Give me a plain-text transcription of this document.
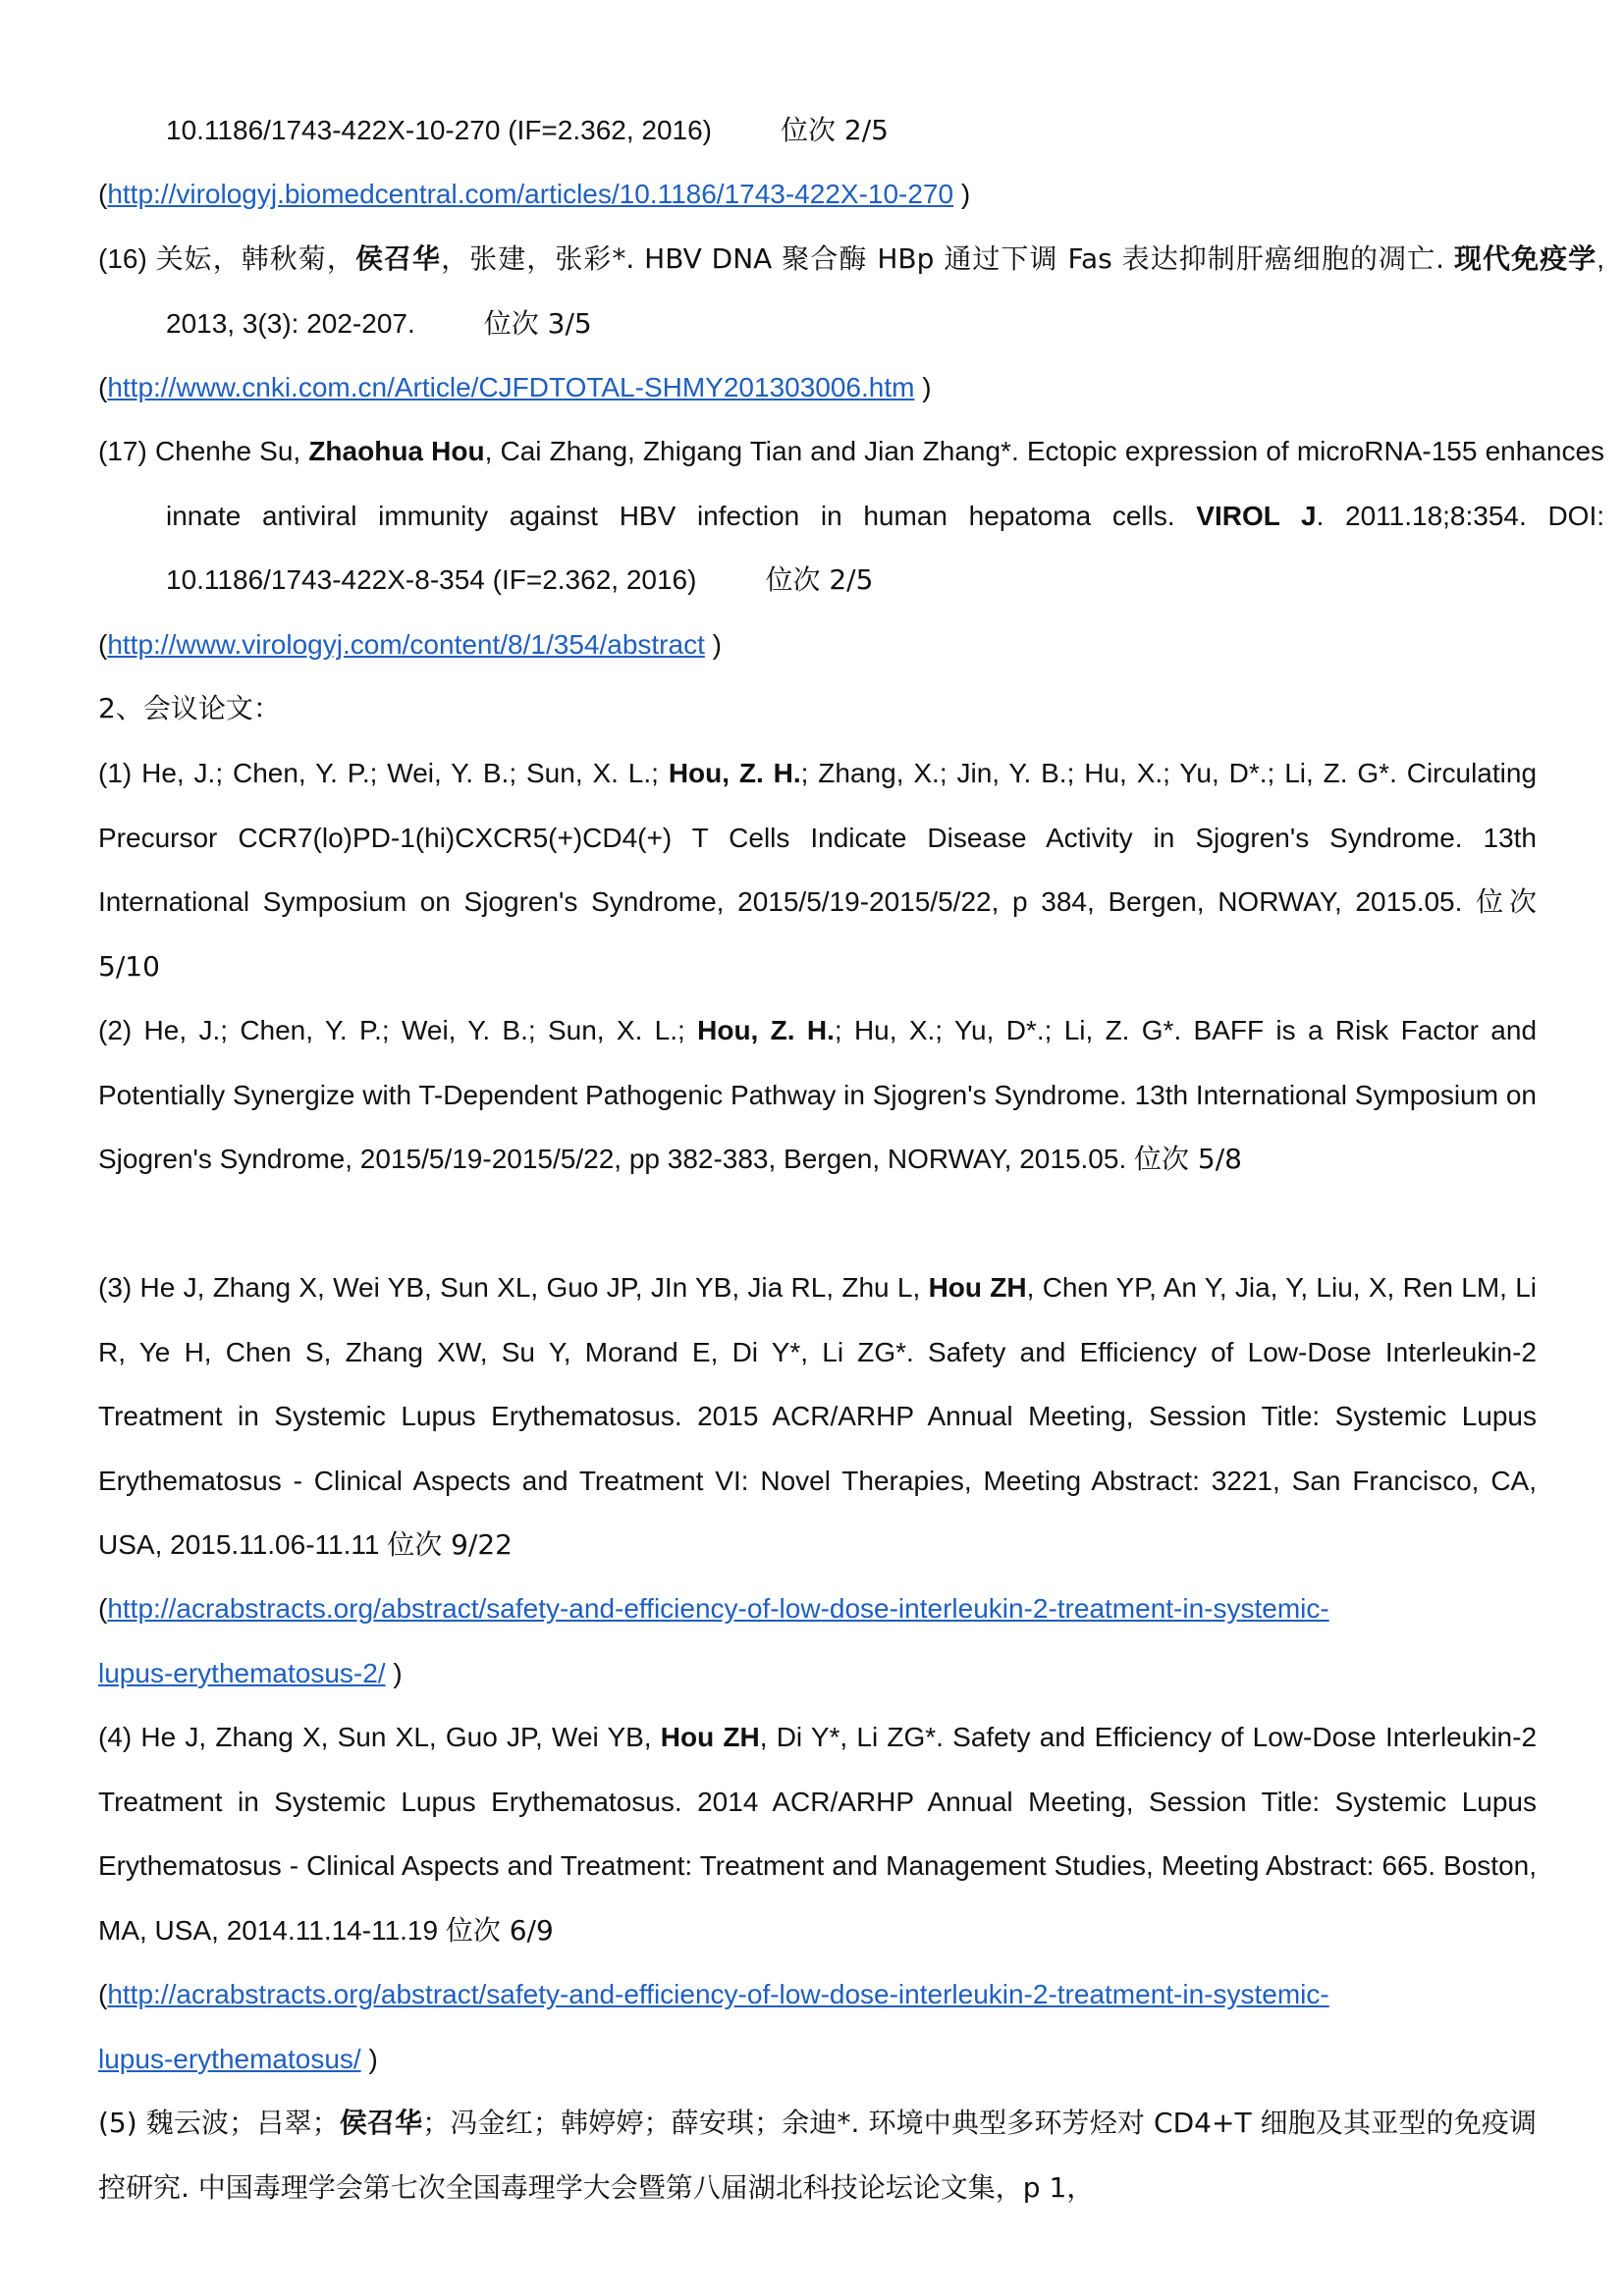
10.1186/1743-422X-10-270 (IF=2.362, 2016)	位次 2/5
(http://virologyj.biomedcentral.com/articles/10.1186/1743-422X-10-270 )
(16) 关妘，韩秋菊，侯召华，张建，张彩*. HBV DNA 聚合酶 HBp 通过下调 Fas 表达抑制肝癌细胞的凋亡. 现代免疫学, 2013, 3(3): 202-207.	位次 3/5
(http://www.cnki.com.cn/Article/CJFDTOTAL-SHMY201303006.htm )
(17) Chenhe Su, Zhaohua Hou, Cai Zhang, Zhigang Tian and Jian Zhang*. Ectopic expression of microRNA-155 enhances innate antiviral immunity against HBV infection in human hepatoma cells. VIROL J. 2011.18;8:354. DOI: 10.1186/1743-422X-8-354 (IF=2.362, 2016)	位次 2/5
(http://www.virologyj.com/content/8/1/354/abstract )
2、会议论文：
(1) He, J.; Chen, Y. P.; Wei, Y. B.; Sun, X. L.; Hou, Z. H.; Zhang, X.; Jin, Y. B.; Hu, X.; Yu, D*.; Li, Z. G*. Circulating Precursor CCR7(lo)PD-1(hi)CXCR5(+)CD4(+) T Cells Indicate Disease Activity in Sjogren's Syndrome. 13th International Symposium on Sjogren's Syndrome, 2015/5/19-2015/5/22, p 384, Bergen, NORWAY, 2015.05. 位次 5/10
(2) He, J.; Chen, Y. P.; Wei, Y. B.; Sun, X. L.; Hou, Z. H.; Hu, X.; Yu, D*.; Li, Z. G*. BAFF is a Risk Factor and Potentially Synergize with T-Dependent Pathogenic Pathway in Sjogren's Syndrome. 13th International Symposium on Sjogren's Syndrome, 2015/5/19-2015/5/22, pp 382-383, Bergen, NORWAY, 2015.05. 位次 5/8
(3) He J, Zhang X, Wei YB, Sun XL, Guo JP, JIn YB, Jia RL, Zhu L, Hou ZH, Chen YP, An Y, Jia, Y, Liu, X, Ren LM, Li R, Ye H, Chen S, Zhang XW, Su Y, Morand E, Di Y*, Li ZG*. Safety and Efficiency of Low-Dose Interleukin-2 Treatment in Systemic Lupus Erythematosus. 2015 ACR/ARHP Annual Meeting, Session Title: Systemic Lupus Erythematosus - Clinical Aspects and Treatment VI: Novel Therapies, Meeting Abstract: 3221, San Francisco, CA, USA, 2015.11.06-11.11 位次 9/22
(http://acrabstracts.org/abstract/safety-and-efficiency-of-low-dose-interleukin-2-treatment-in-systemic-
lupus-erythematosus-2/ )
(4) He J, Zhang X, Sun XL, Guo JP, Wei YB, Hou ZH, Di Y*, Li ZG*. Safety and Efficiency of Low-Dose Interleukin-2 Treatment in Systemic Lupus Erythematosus. 2014 ACR/ARHP Annual Meeting, Session Title: Systemic Lupus Erythematosus - Clinical Aspects and Treatment: Treatment and Management Studies, Meeting Abstract: 665. Boston, MA, USA, 2014.11.14-11.19 位次 6/9
(http://acrabstracts.org/abstract/safety-and-efficiency-of-low-dose-interleukin-2-treatment-in-systemic-
lupus-erythematosus/ )
(5) 魏云波；吕翠；侯召华；冯金红；韩婷婷；薛安琪；余迪*. 环境中典型多环芳烃对 CD4+T 细胞及其亚型的免疫调控研究. 中国毒理学会第七次全国毒理学大会暨第八届湖北科技论坛论文集，p 1，
